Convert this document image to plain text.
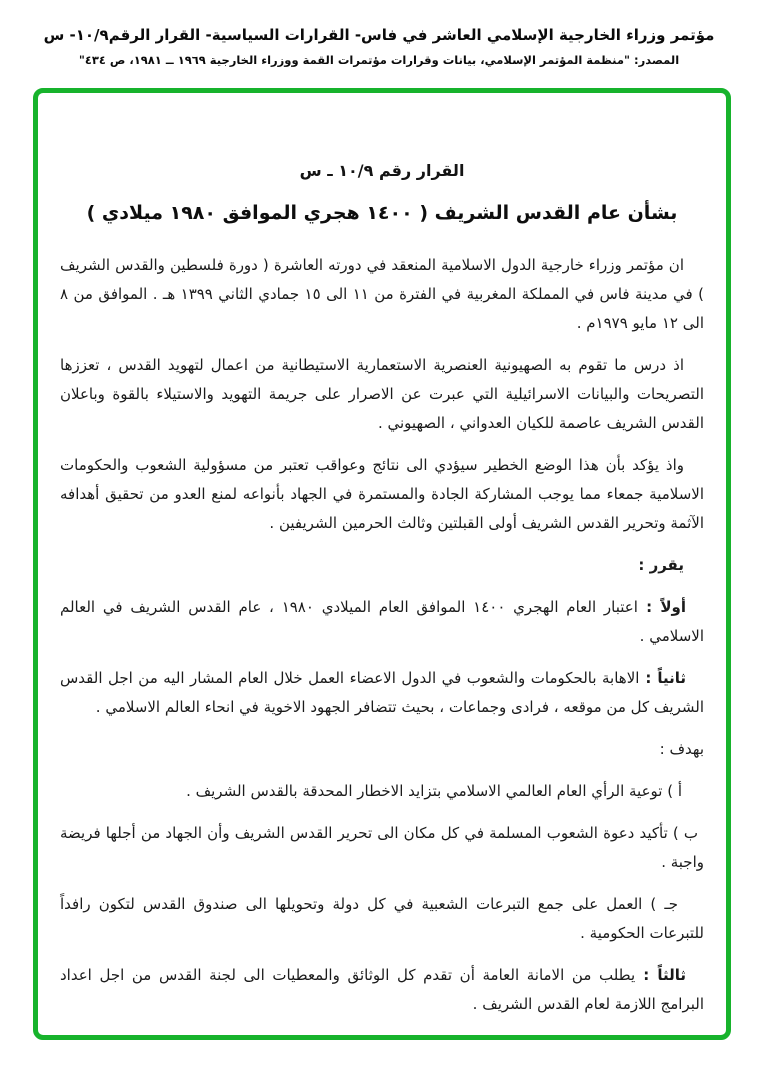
مؤتمر وزراء الخارجية الإسلامي العاشر في فاس- القرارات السياسية- القرار الرقم١٠/٩- س
المصدر: "منظمة المؤتمر الإسلامي، بيانات وقرارات مؤتمرات القمة ووزراء الخارجية ١٩٦٩ ــ ١٩٨١، ص ٤٣٤"

القرار رقم ١٠/٩ ـ س

بشأن عام القدس الشريف ( ١٤٠٠ هجري الموافق ١٩٨٠ ميلادي )

ان مؤتمر وزراء خارجية الدول الاسلامية المنعقد في دورته العاشرة ( دورة فلسطين والقدس الشريف ) في مدينة فاس في المملكة المغربية في الفترة من ١١ الى ١٥ جمادي الثاني ١٣٩٩ هـ . الموافق من ٨ الى ١٢ مايو ١٩٧٩م .

اذ درس ما تقوم به الصهيونية العنصرية الاستعمارية الاستيطانية من اعمال لتهويد القدس ، تعززها التصريحات والبيانات الاسرائيلية التي عبرت عن الاصرار على جريمة التهويد والاستيلاء بالقوة وباعلان القدس الشريف عاصمة للكيان العدواني ، الصهيوني .

واذ يؤكد بأن هذا الوضع الخطير سيؤدي الى نتائج وعواقب تعتبر من مسؤولية الشعوب والحكومات الاسلامية جمعاء مما يوجب المشاركة الجادة والمستمرة في الجهاد بأنواعه لمنع العدو من تحقيق أهدافه الآثمة وتحرير القدس الشريف أولى القبلتين وثالث الحرمين الشريفين .

يقرر :

أولاً : اعتبار العام الهجري ١٤٠٠ الموافق العام الميلادي ١٩٨٠ ، عام القدس الشريف في العالم الاسلامي .

ثانياً : الاهابة بالحكومات والشعوب في الدول الاعضاء العمل خلال العام المشار اليه من اجل القدس الشريف كل من موقعه ، فرادى وجماعات ، بحيث تتضافر الجهود الاخوية في انحاء العالم الاسلامي .

بهدف :

أ ) توعية الرأي العام العالمي الاسلامي بتزايد الاخطار المحدقة بالقدس الشريف .

ب ) تأكيد دعوة الشعوب المسلمة في كل مكان الى تحرير القدس الشريف وأن الجهاد من أجلها فريضة واجبة .

جـ ) العمل على جمع التبرعات الشعبية في كل دولة وتحويلها الى صندوق القدس لتكون رافداً للتبرعات الحكومية .

ثالثاً : يطلب من الامانة العامة أن تقدم كل الوثائق والمعطيات الى لجنة القدس من اجل اعداد البرامج اللازمة لعام القدس الشريف .
